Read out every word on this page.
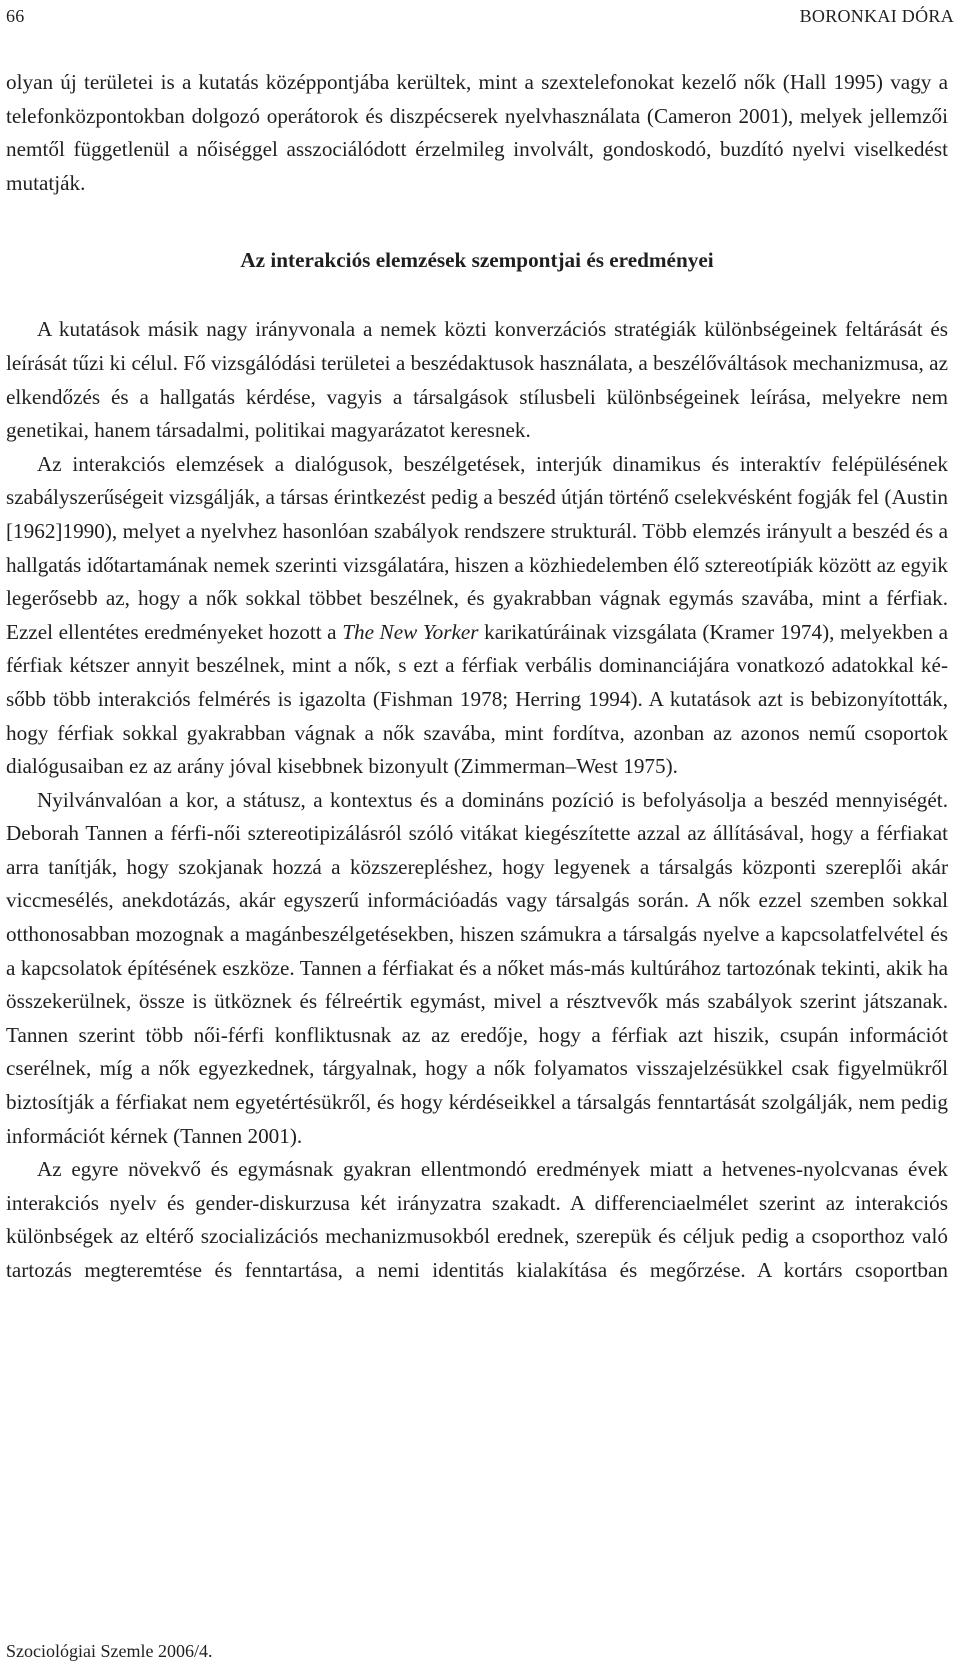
66	BORONKAI DÓRA

olyan új területei is a kutatás középpontjába kerültek, mint a szextelefonokat kezelő nők (Hall 1995) vagy a telefonközpontokban dolgozó operátorok és diszpécserek nyelvhasználata (Cameron 2001), melyek jellemzői nemtől függetlenül a nőiséggel asszociálódott érzelmileg involvált, gondoskodó, buzdító nyelvi viselkedést mutatják.

Az interakciós elemzések szempontjai és eredményei

A kutatások másik nagy irányvonala a nemek közti konverzációs stratégiák különbségeinek feltárását és leírását tűzi ki célul. Fő vizsgálódási területei a beszédaktusok használata, a beszélőváltások mechanizmusa, az elkendőzés és a hallgatás kérdése, vagyis a társalgások stílusbeli különbségeinek leírása, melyekre nem genetikai, hanem társadalmi, politikai magyarázatot keresnek.

Az interakciós elemzések a dialógusok, beszélgetések, interjúk dinamikus és interaktív felépülésének szabályszerűségeit vizsgálják, a társas érintkezést pedig a beszéd útján történő cselekvésként fogják fel (Austin [1962]1990), melyet a nyelvhez hasonlóan szabályok rendszere strukturál. Több elemzés irányult a beszéd és a hallgatás időtartamának nemek szerinti vizsgálatára, hiszen a közhiedelemben élő sztereotípiák között az egyik legerősebb az, hogy a nők sokkal többet beszélnek, és gyakrabban vágnak egymás szavába, mint a férfiak. Ezzel ellentétes eredményeket hozott a The New Yorker karikatúráinak vizsgálata (Kramer 1974), melyekben a férfiak kétszer annyit beszélnek, mint a nők, s ezt a férfiak verbális dominanciájára vonatkozó adatokkal később több interakciós felmérés is igazolta (Fishman 1978; Herring 1994). A kutatások azt is bebizonyították, hogy férfiak sokkal gyakrabban vágnak a nők szavába, mint fordítva, azonban az azonos nemű csoportok dialógusaiban ez az arány jóval kisebbnek bizonyult (Zimmerman–West 1975).

Nyilvánvalóan a kor, a státusz, a kontextus és a domináns pozíció is befolyásolja a beszéd mennyiségét. Deborah Tannen a férfi-női sztereotipizálásról szóló vitákat kiegészítette azzal az állításával, hogy a férfiakat arra tanítják, hogy szokjanak hozzá a közszerepléshez, hogy legyenek a társalgás központi szereplői akár viccmesélés, anekdotázás, akár egyszerű információadás vagy társalgás során. A nők ezzel szemben sokkal otthonosabban mozognak a magánbeszélgetésekben, hiszen számukra a társalgás nyelve a kapcsolatfelvétel és a kapcsolatok építésének eszköze. Tannen a férfiakat és a nőket más-más kultúrához tartozónak tekinti, akik ha összekerülnek, össze is ütköznek és félreértik egymást, mivel a résztvevők más szabályok szerint játszanak. Tannen szerint több női-férfi konfliktusnak az az eredője, hogy a férfiak azt hiszik, csupán információt cserélnek, míg a nők egyezkednek, tárgyalnak, hogy a nők folyamatos visszajelzésükkel csak figyelmükről biztosítják a férfiakat nem egyetértésükről, és hogy kérdéseikkel a társalgás fenntartását szolgálják, nem pedig információt kérnek (Tannen 2001).

Az egyre növekvő és egymásnak gyakran ellentmondó eredmények miatt a hetvenes-nyolcvanas évek interakciós nyelv és gender-diskurzusa két irányzatra szakadt. A differenciaelmélet szerint az interakciós különbségek az eltérő szocializációs mechanizmusokból erednek, szerepük és céljuk pedig a csoporthoz való tartozás megteremtése és fenntartása, a nemi identitás kialakítása és megőrzése. A kortárs csoportban

Szociológiai Szemle 2006/4.
